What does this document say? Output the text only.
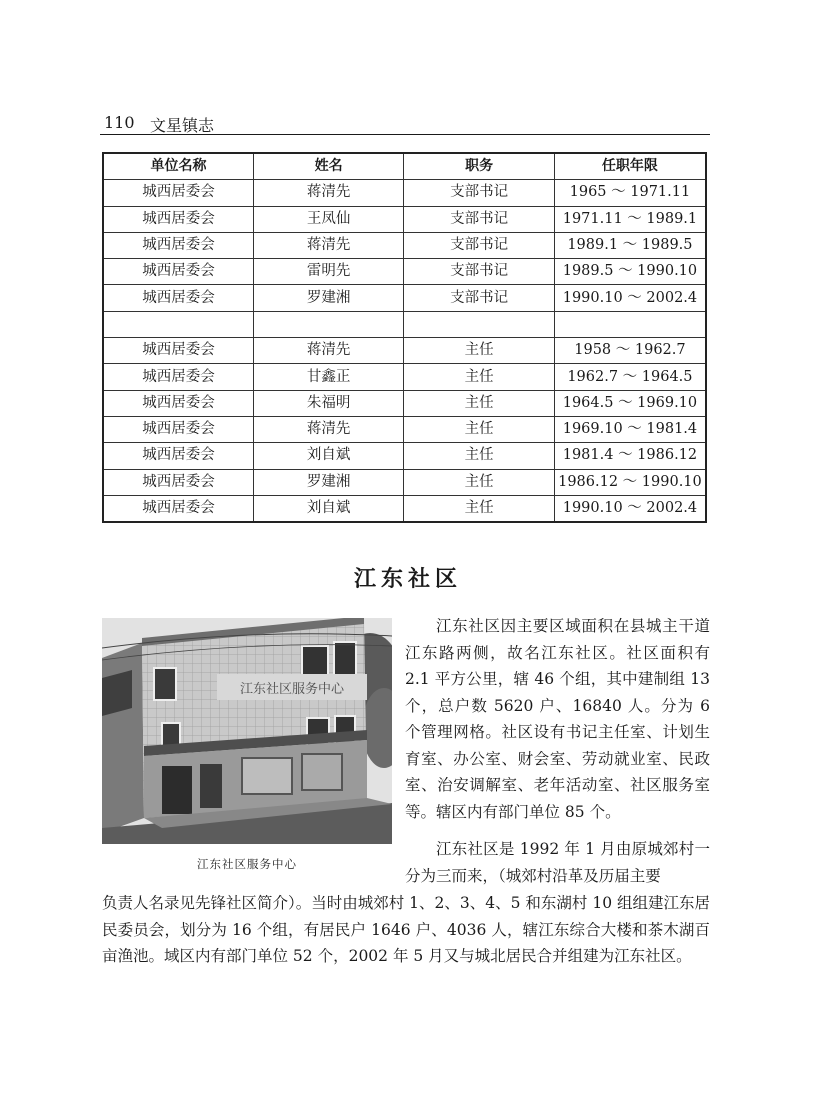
110 文星镇志
单位名称	姓名	职务	任职年限
城西居委会	蒋清先	支部书记	1965 ～ 1971.11
城西居委会	王凤仙	支部书记	1971.11 ～ 1989.1
城西居委会	蒋清先	支部书记	1989.1 ～ 1989.5
城西居委会	雷明先	支部书记	1989.5 ～ 1990.10
城西居委会	罗建湘	支部书记	1990.10 ～ 2002.4

城西居委会	蒋清先	主任	1958 ～ 1962.7
城西居委会	甘鑫正	主任	1962.7 ～ 1964.5
城西居委会	朱福明	主任	1964.5 ～ 1969.10
城西居委会	蒋清先	主任	1969.10 ～ 1981.4
城西居委会	刘自斌	主任	1981.4 ～ 1986.12
城西居委会	罗建湘	主任	1986.12 ～ 1990.10
城西居委会	刘自斌	主任	1990.10 ～ 2002.4
江东社区
江东社区服务中心
江东社区服务中心

江东社区因主要区域面积在县城主干道江东路两侧，故名江东社区。社区面积有 2.1 平方公里，辖 46 个组，其中建制组 13 个，总户数 5620 户、16840 人。分为 6 个管理网格。社区设有书记主任室、计划生育室、办公室、财会室、劳动就业室、民政室、治安调解室、老年活动室、社区服务室等。辖区内有部门单位 85 个。

江东社区是 1992 年 1 月由原城郊村一分为三而来，（城郊村沿革及历届主要

负责人名录见先锋社区简介）。当时由城郊村 1、2、3、4、5 和东湖村 10 组组建江东居民委员会，划分为 16 个组，有居民户 1646 户、4036 人，辖江东综合大楼和茶木湖百亩渔池。域区内有部门单位 52 个，2002 年 5 月又与城北居民合并组建为江东社区。
